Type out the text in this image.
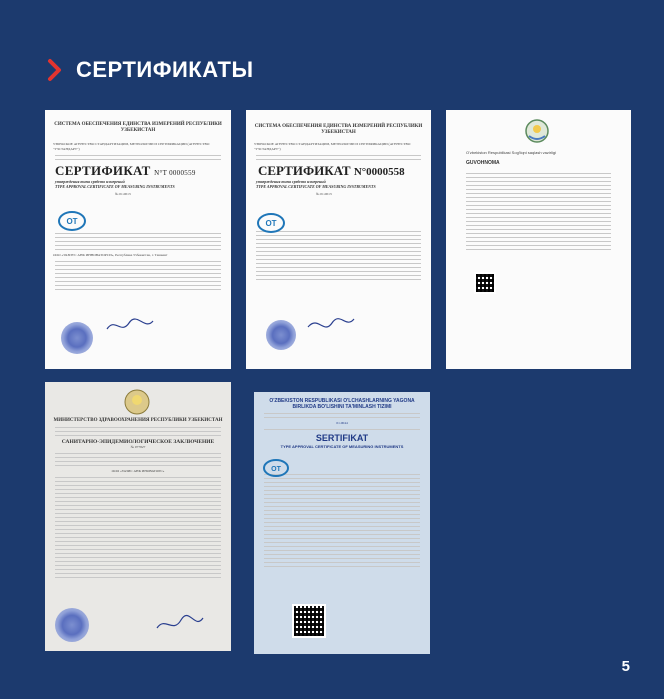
СЕРТИФИКАТЫ
СИСТЕМА ОБЕСПЕЧЕНИЯ ЕДИНСТВА ИЗМЕРЕНИЙ РЕСПУБЛИКИ УЗБЕКИСТАН
УЗБЕКСКОЕ АГЕНТСТВО СТАНДАРТИЗАЦИИ, МЕТРОЛОГИИ И СЕРТИФИКАЦИИ (АГЕНТСТВО "УЗСТАНДАРТ")
СЕРТИФИКАТ N°T 0000559
утверждения типа средств измерений
TYPE APPROVAL CERTIFICATE OF MEASURING INSTRUMENTS
№ 01.0013
OT
ООО «УАЗИУС АНК ИННОВАТОРСИ», Республика Узбекистан, г. Ташкент
СИСТЕМА ОБЕСПЕЧЕНИЯ ЕДИНСТВА ИЗМЕРЕНИЙ РЕСПУБЛИКИ УЗБЕКИСТАН
УЗБЕКСКОЕ АГЕНТСТВО СТАНДАРТИЗАЦИИ, МЕТРОЛОГИИ И СЕРТИФИКАЦИИ (АГЕНТСТВО "УЗСТАНДАРТ")
СЕРТИФИКАТ N°0000558
утверждения типа средств измерений
TYPE APPROVAL CERTIFICATE OF MEASURING INSTRUMENTS
№ 01.0013
OT
O'zbekiston Respublikasi Sog'liqni saqlash vazirligi
GUVOHNOMA
МИНИСТЕРСТВО ЗДРАВООХРАНЕНИЯ РЕСПУБЛИКИ УЗБЕКИСТАН
САНИТАРНО-ЭПИДЕМИОЛОГИЧЕСКОЕ ЗАКЛЮЧЕНИЕ
№ 077827
ООО «УАЗИС АНК ИНОВАТОРС»
O'ZBEKISTON RESPUBLIKASI O'LCHASHLARNING YAGONA BIRLIKDA BO'LISHINI TA'MINLASH TIZIMI
01.0044
SERTIFIKAT
TYPE APPROVAL CERTIFICATE OF MEASURING INSTRUMENTS
OT
5
